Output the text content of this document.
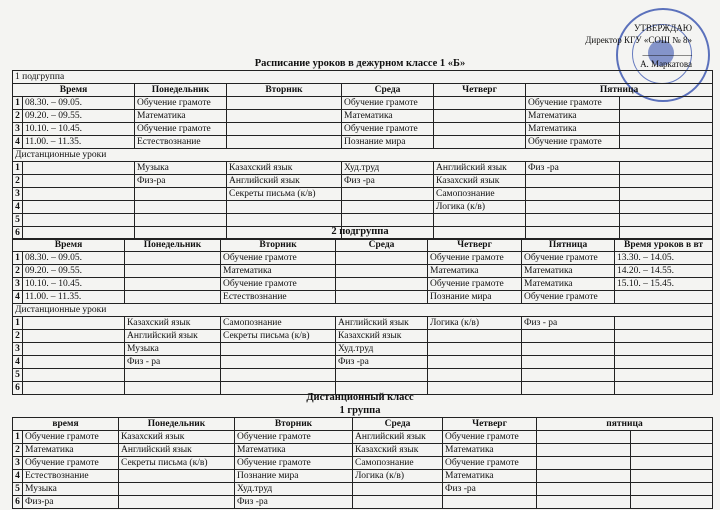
УТВЕРЖДАЮ
Директор КГУ «СОШ № 8»
___________
А. Маркатова
Расписание уроков в дежурном классе 1 «Б»
1 подгруппа							
Время		Понедельник	Вторник	Среда	Четверг	Пятница	
1	08.30. – 09.05.	Обучение грамоте		Обучение грамоте		Обучение грамоте	
2	09.20. – 09.55.	Математика		Математика		Математика	
3	10.10. – 10.45.	Обучение грамоте		Обучение грамоте		Математика	
4	11.00. – 11.35.	Естествознание		Познание мира		Обучение грамоте	
Дистанционные уроки							
1		Музыка	Казахский язык	Худ.труд	Английский язык	Физ -ра	
2		Физ-ра	Английский язык	Физ -ра	Казахский язык		
3			Секреты письма (к/в)		Самопознание		
4					Логика (к/в)		
5							
6								2 подгруппа
Время		Понедельник	Вторник	Среда	Четверг	Пятница	Время уроков в вт
1	08.30. – 09.05.		Обучение грамоте		Обучение грамоте	Обучение грамоте	13.30. – 14.05.
2	09.20. – 09.55.		Математика		Математика	Математика	14.20. – 14.55.
3	10.10. – 10.45.		Обучение грамоте		Обучение грамоте	Математика	15.10. – 15.45.
4	11.00. – 11.35.		Естествознание		Познание мира	Обучение грамоте	
Дистанционные уроки							
1		Казахский язык	Самопознание	Английский язык	Логика (к/в)	Физ - ра	
2		Английский язык	Секреты письма (к/в)	Казахский язык			
3		Музыка		Худ.труд			
4		Физ - ра		Физ -ра			
5							
6							
Дистанционный класс
1 группа
время		Понедельник	Вторник	Среда	Четверг	пятница	
1	Обучение грамоте	Казахский язык	Обучение грамоте	Английский язык	Обучение грамоте		
2	Математика	Английский язык	Математика	Казахский язык	Математика		
3	Обучение грамоте	Секреты письма (к/в)	Обучение грамоте	Самопознание	Обучение грамоте		
4	Естествознание		Познание мира	Логика (к/в)	Математика		
5	Музыка		Худ.труд		Физ -ра		
6	Физ-ра		Физ -ра				
